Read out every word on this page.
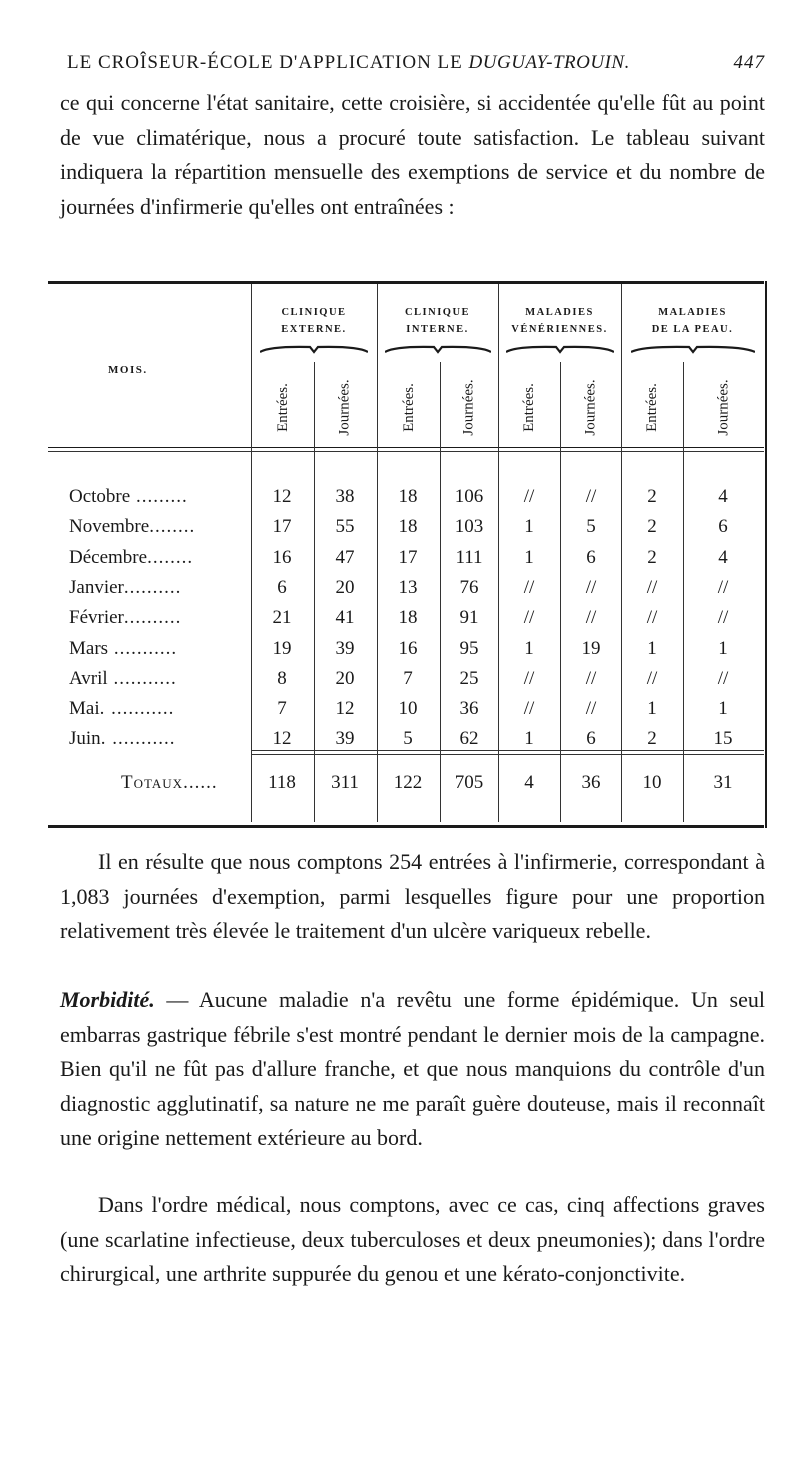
LE CROÎSEUR-ÉCOLE D'APPLICATION LE DUGUAY-TROUIN.	447

ce qui concerne l'état sanitaire, cette croisière, si accidentée qu'elle fût au point de vue climatérique, nous a procuré toute satisfaction. Le tableau suivant indiquera la répartition mensuelle des exemptions de service et du nombre de journées d'infirmerie qu'elles ont entraînées :

MOIS.
CLINIQUE
EXTERNE.
CLINIQUE
INTERNE.
MALADIES
VÉNÉRIENNES.
MALADIES
DE LA PEAU.
Entrées.	Journées.	Entrées.	Journées.	Entrées.	Journées.	Entrées.	Journées.
Octobre .........	12	38	18	106	//	//	2	4
Novembre........	17	55	18	103	1	5	2	6
Décembre........	16	47	17	111	1	6	2	4
Janvier..........	6	20	13	76	//	//	//	//
Février..........	21	41	18	91	//	//	//	//
Mars ...........	19	39	16	95	1	19	1	1
Avril ...........	8	20	7	25	//	//	//	//
Mai. ...........	7	12	10	36	//	//	1	1
Juin. ...........	12	39	5	62	1	6	2	15
Totaux......	118	311	122	705	4	36	10	31

Il en résulte que nous comptons 254 entrées à l'infirmerie, correspondant à 1,083 journées d'exemption, parmi lesquelles figure pour une proportion relativement très élevée le traitement d'un ulcère variqueux rebelle.

Morbidité. — Aucune maladie n'a revêtu une forme épidémique. Un seul embarras gastrique fébrile s'est montré pendant le dernier mois de la campagne. Bien qu'il ne fût pas d'allure franche, et que nous manquions du contrôle d'un diagnostic agglutinatif, sa nature ne me paraît guère douteuse, mais il reconnaît une origine nettement extérieure au bord.

Dans l'ordre médical, nous comptons, avec ce cas, cinq affections graves (une scarlatine infectieuse, deux tuberculoses et deux pneumonies); dans l'ordre chirurgical, une arthrite suppurée du genou et une kérato-conjonctivite.
